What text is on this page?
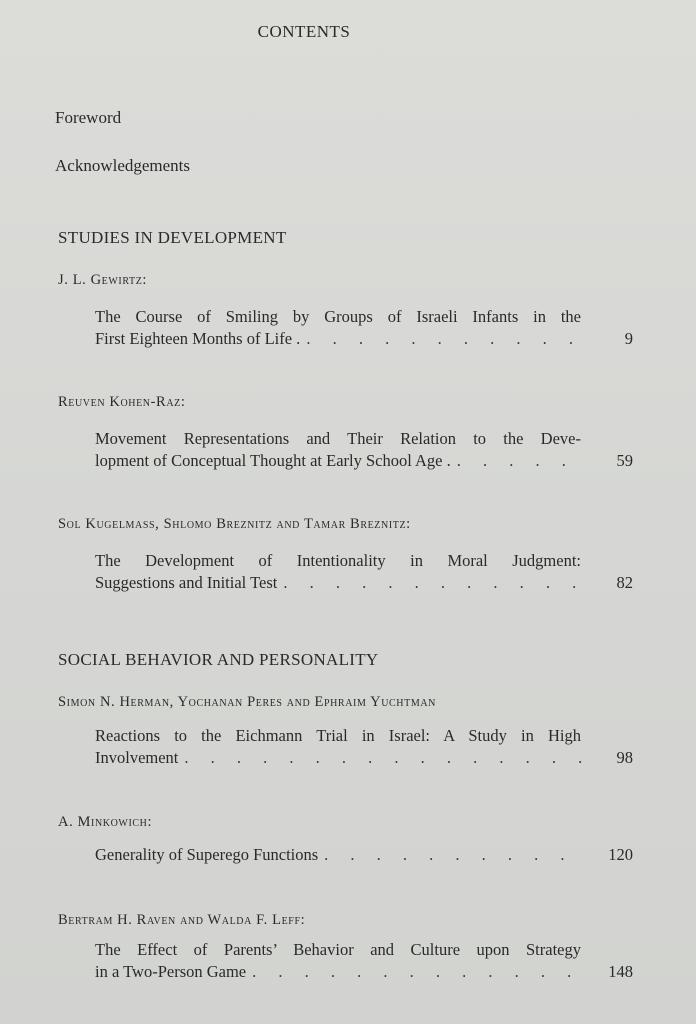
CONTENTS
Foreword
Acknowledgements
STUDIES IN DEVELOPMENT
J. L. Gewirtz:
The Course of Smiling by Groups of Israeli Infants in the
First Eighteen Months of Life . . . .	9
Reuven Kohen-Raz:
Movement Representations and Their Relation to the Deve-
lopment of Conceptual Thought at Early School Age . . . .	59
Sol Kugelmass, Shlomo Breznitz and Tamar Breznitz:
The Development of Intentionality in Moral Judgment:
Suggestions and Initial Test . . .	82
SOCIAL BEHAVIOR AND PERSONALITY
Simon N. Herman, Yochanan Peres and Ephraim Yuchtman
Reactions to the Eichmann Trial in Israel: A Study in High
Involvement . . .	98
A. Minkowich:
Generality of Superego Functions . . .	120
Bertram H. Raven and Walda F. Leff:
The Effect of Parents’ Behavior and Culture upon Strategy
in a Two-Person Game . . .	148
